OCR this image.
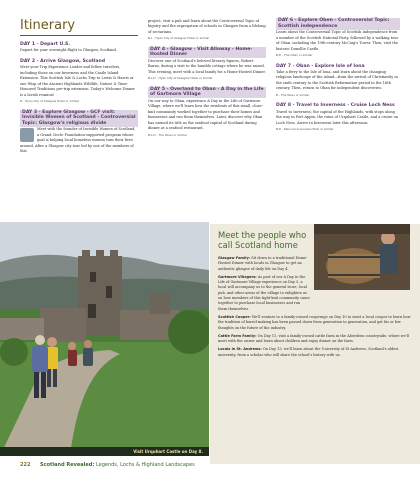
Itinerary
DAY 1 - Depart U.S.
Depart for your overnight flight to Glasgow, Scotland.
DAY 2 - Arrive Glasgow, Scotland
Meet your Trip Experience Leader and fellow travelers, including those on our Inverness and the Castle Island Extension. This Scottish Isle & Lochs Trip to Lewis & Harris or one Wisp of the Ancient Highlands Wildlife, Nature & Time-Honored Traditions pre-trip extension. Today's Welcome Dinner is a lavish reunion!
D - Hyan City of Glasgow Hotel or similar
DAY 3 - Explore Glasgow - GCF visit: Invisible Women of Scotland - Controversial Topic: Glasgow's religious divide
Meet with the founder of Invisible Women of Scotland, a Grand Circle Foundation-supported program whose goal is helping local homeless women turn their lives around. After a Glasgow city tour led by one of the members of this
project, visit a pub and learn about the Controversial Topic of bigotry and the segregation of schools in Glasgow from a lifelong of sectarians.
B,L - Hyan City of Glasgow Hotel or similar
DAY 4 - Glasgow - Visit Alloway - Home-Hosted Dinner
Discover one of Scotland's beloved literary figures, Robert Burns, during a visit to the humble cottage where he was raised. This evening, meet with a local family for a Home-Hosted Dinner.
B,L,D - Hyan City of Glasgow Hotel or similar
DAY 5 - Overland to Oban - A Day in the Life of Gartmore Village
On our way to Oban, experience A Day in the Life of Gartmore Village, where we'll learn how the residents of this small, close-knit community worked together to purchase their homes and businesses and run them themselves. Later, discover why Oban has earned its title as the seafood capital of Scotland during dinner at a seafood restaurant.
B,L,D - The Oban or similar
DAY 6 - Explore Oben - Controversial Topic: Scottish independence
Learn about the Controversial Topic of Scottish independence from a member of the Scottish National Party, followed by a walking tour of Oban, including the 19th-century McCaig's Tower. Then, visit the historic Dunollie Castle.
B,D - The Oban or similar
DAY 7 - Oban - Explore Isle of Iona
Take a ferry to the Isle of Iona, and learn about the changing religious landscape of the island—from the arrival of Christianity in the sixth century to the Scottish Reformation period in the 16th century. Then, return to Oban for independent discoveries.
B - The Oban or similar
DAY 8 - Travel to Inverness - Cruise Loch Ness
Travel to Inverness, the capital of the Highlands, with stops along the way in Port Appin, the ruins of Urquhart Castle, and a cruise on Loch Ness. Arrive in Inverness later this afternoon.
B,D - Mercure Inverness Hotel or similar
Visit Urquhart Castle on Day 8.
Meet the people who call Scotland home
Glasgow Family: Sit down to a traditional Home-Hosted Dinner with locals in Glasgow to get an authentic glimpse of daily life on Day 4.
Gartmore Villagers: As part of our A Day in the Life of Gartmore Village experience on Day 5, a local will accompany us to the general store, local pub, and other areas of the village to enlighten us on how members of this tight-knit community came together to purchase local businesses and run them themselves.
Scottish Cooper: We'll venture to a family-owned cooperage on Day 10 to meet a local cooper to learn how the tradition of barrel-making has been passed down from generation to generation, and get his or her thoughts on the future of the industry.
Cattle Farm Family: On Day 11, visit a family-owned cattle farm in the Aberdeen countryside, where we'll meet with the owner and learn about children and enjoy dinner on the farm.
Locals in St. Andrews: On Day 13, we'll learn about the University of St Andrews, Scotland's oldest university, from a scholar who will share the school's history with us.
222 Scotland Revealed: Legends, Lochs & Highland Landscapes
